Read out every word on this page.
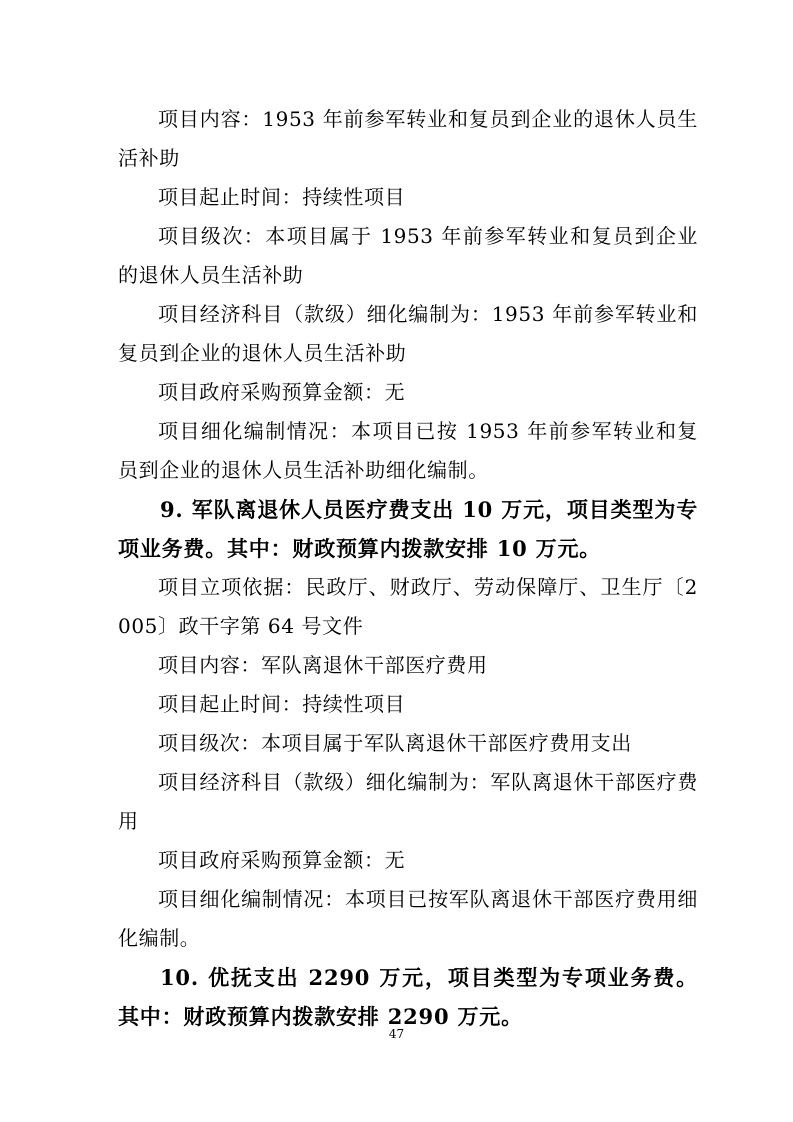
项目内容：1953 年前参军转业和复员到企业的退休人员生活补助

项目起止时间：持续性项目

项目级次：本项目属于 1953 年前参军转业和复员到企业的退休人员生活补助

项目经济科目（款级）细化编制为：1953 年前参军转业和复员到企业的退休人员生活补助

项目政府采购预算金额：无

项目细化编制情况：本项目已按 1953 年前参军转业和复员到企业的退休人员生活补助细化编制。

9. 军队离退休人员医疗费支出 10 万元，项目类型为专项业务费。其中：财政预算内拨款安排 10 万元。

项目立项依据：民政厅、财政厅、劳动保障厅、卫生厅〔2005〕政干字第 64 号文件

项目内容：军队离退休干部医疗费用

项目起止时间：持续性项目

项目级次：本项目属于军队离退休干部医疗费用支出

项目经济科目（款级）细化编制为：军队离退休干部医疗费用

项目政府采购预算金额：无

项目细化编制情况：本项目已按军队离退休干部医疗费用细化编制。

10. 优抚支出 2290 万元，项目类型为专项业务费。其中：财政预算内拨款安排 2290 万元。

47
